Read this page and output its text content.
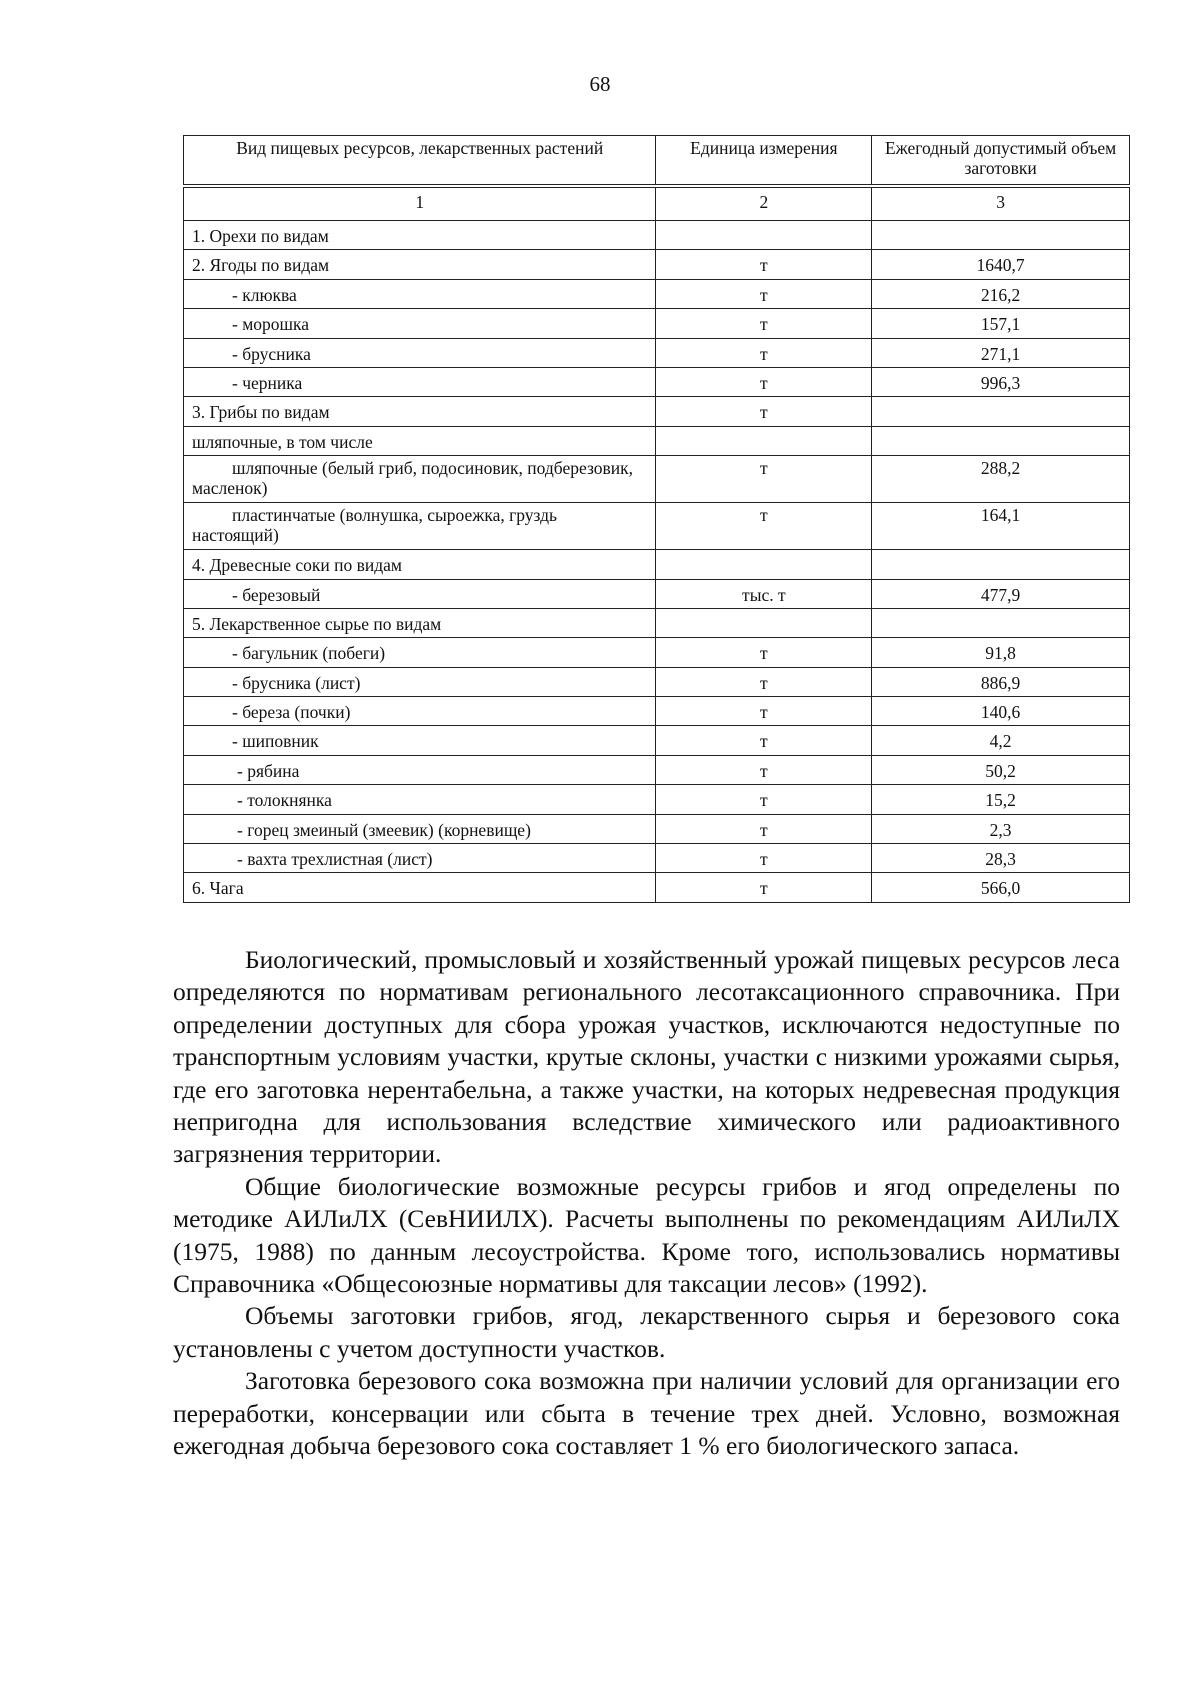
68
Вид пищевых ресурсов, лекарственных растений	Единица измерения	Ежегодный допустимый объем заготовки

1	2	3
1. Орехи по видам		
2. Ягоды по видам	т	1640,7
- клюква	т	216,2
- морошка	т	157,1
- брусника	т	271,1
- черника	т	996,3
3. Грибы по видам	т	
шляпочные, в том числе		
шляпочные (белый гриб, подосиновик, подберезовик, масленок)	т	288,2
пластинчатые (волнушка, сыроежка, груздь настоящий)	т	164,1
4. Древесные соки по видам		
- березовый	тыс. т	477,9
5. Лекарственное сырье по видам		
- багульник (побеги)	т	91,8
- брусника (лист)	т	886,9
- береза (почки)	т	140,6
- шиповник	т	4,2
- рябина	т	50,2
- толокнянка	т	15,2
- горец змеиный (змеевик) (корневище)	т	2,3
- вахта трехлистная (лист)	т	28,3
6. Чага	т	566,0

Биологический, промысловый и хозяйственный урожай пищевых ресурсов леса определяются по нормативам регионального лесотаксационного справочника. При определении доступных для сбора урожая участков, исключаются недоступные по транспортным условиям участки, крутые склоны, участки с низкими урожаями сырья, где его заготовка нерентабельна, а также участки, на которых недревесная продукция непригодна для использования вследствие химического или радиоактивного загрязнения территории.

Общие биологические возможные ресурсы грибов и ягод определены по методике АИЛиЛХ (СевНИИЛХ). Расчеты выполнены по рекомендациям АИЛиЛХ (1975, 1988) по данным лесоустройства. Кроме того, использовались нормативы Справочника «Общесоюзные нормативы для таксации лесов» (1992).

Объемы заготовки грибов, ягод, лекарственного сырья и березового сока установлены с учетом доступности участков.

Заготовка березового сока возможна при наличии условий для организации его переработки, консервации или сбыта в течение трех дней. Условно, возможная ежегодная добыча березового сока составляет 1 % его биологического запаса.
